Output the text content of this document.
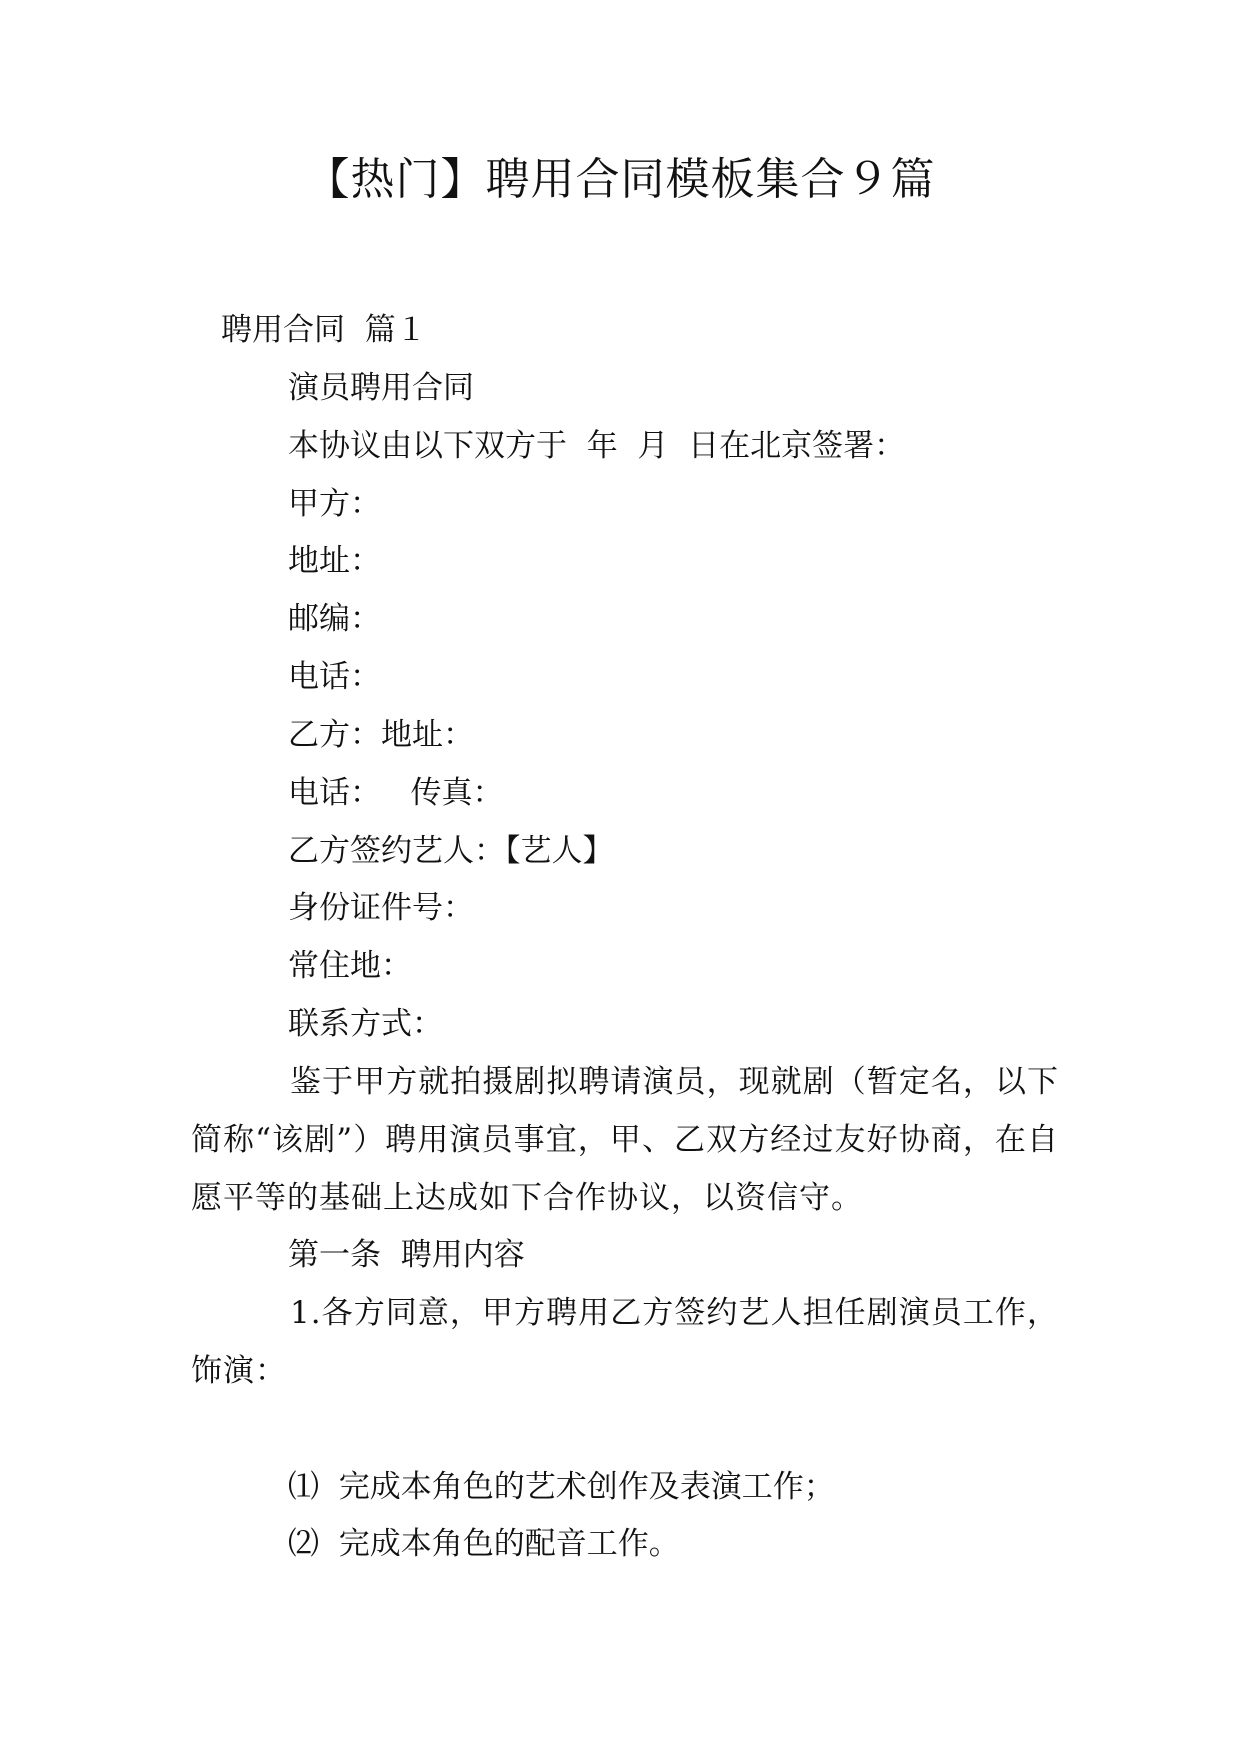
【热门】聘用合同模板集合９篇
聘用合同  篇１
演员聘用合同
本协议由以下双方于  年  月  日在北京签署：
甲方：
地址：
邮编：
电话：
乙方：地址：
电话：   传真：
乙方签约艺人：【艺人】
身份证件号：
常住地：
联系方式：

鉴于甲方就拍摄剧拟聘请演员，现就剧（暂定名，以下简称“该剧”）聘用演员事宜，甲、乙双方经过友好协商，在自愿平等的基础上达成如下合作协议，以资信守。

第一条  聘用内容

1.各方同意，甲方聘用乙方签约艺人担任剧演员工作，饰演：

⑴  完成本角色的艺术创作及表演工作；
⑵  完成本角色的配音工作。
